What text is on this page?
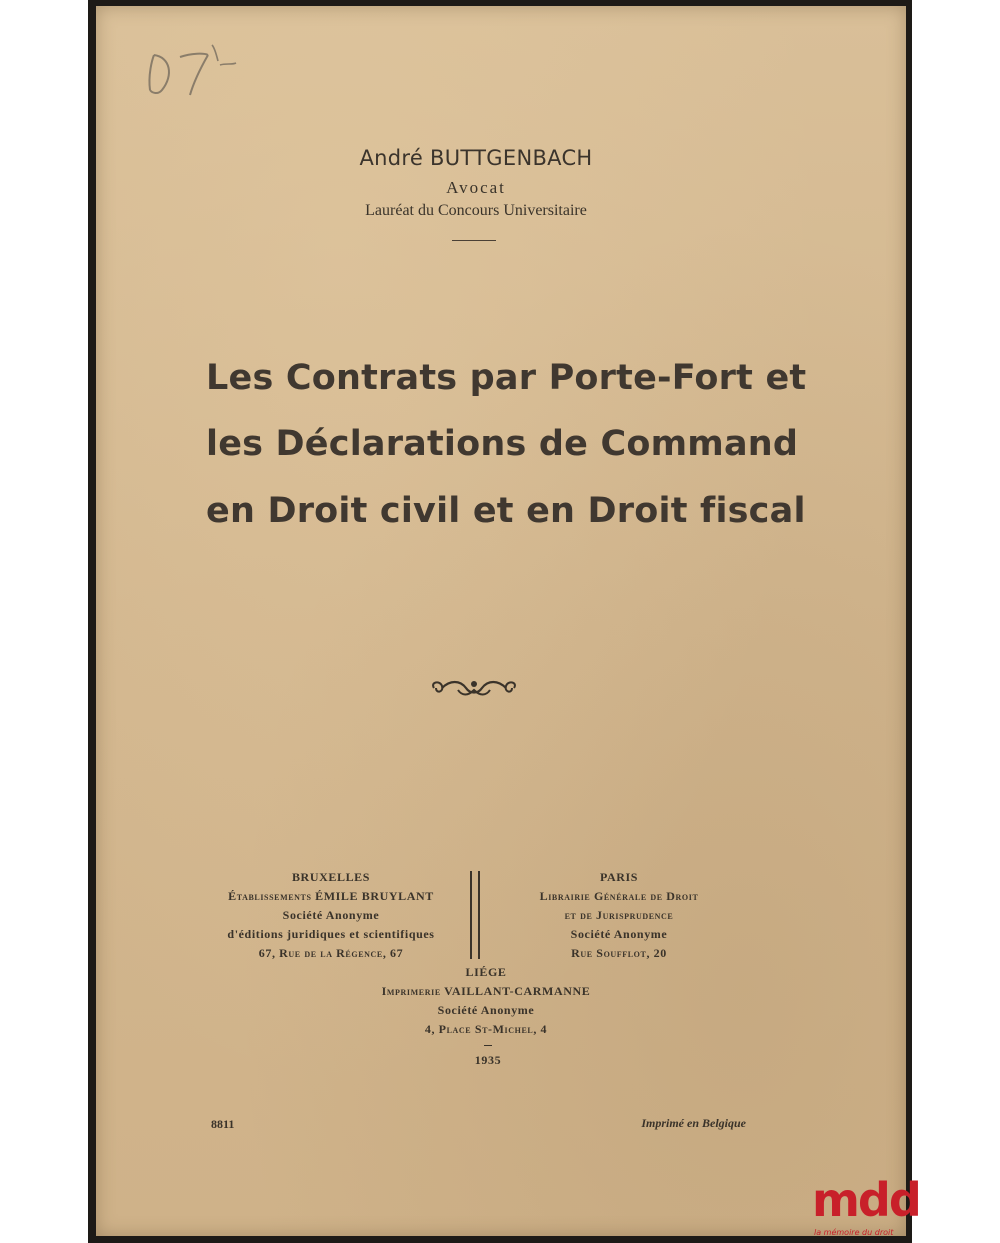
André BUTTGENBACH
Avocat
Lauréat du Concours Universitaire
Les Contrats par Porte-Fort et
les Déclarations de Command
en Droit civil et en Droit fiscal
BRUXELLES
Établissements ÉMILE BRUYLANT
Société Anonyme
d'éditions juridiques et scientifiques
67, Rue de la Régence, 67
PARIS
Librairie Générale de Droit
et de Jurisprudence
Société Anonyme
Rue Soufflot, 20
LIÉGE
Imprimerie VAILLANT-CARMANNE
Société Anonyme
4, Place St-Michel, 4
1935
8811	Imprimé en Belgique
mdd
la mémoire du droit
